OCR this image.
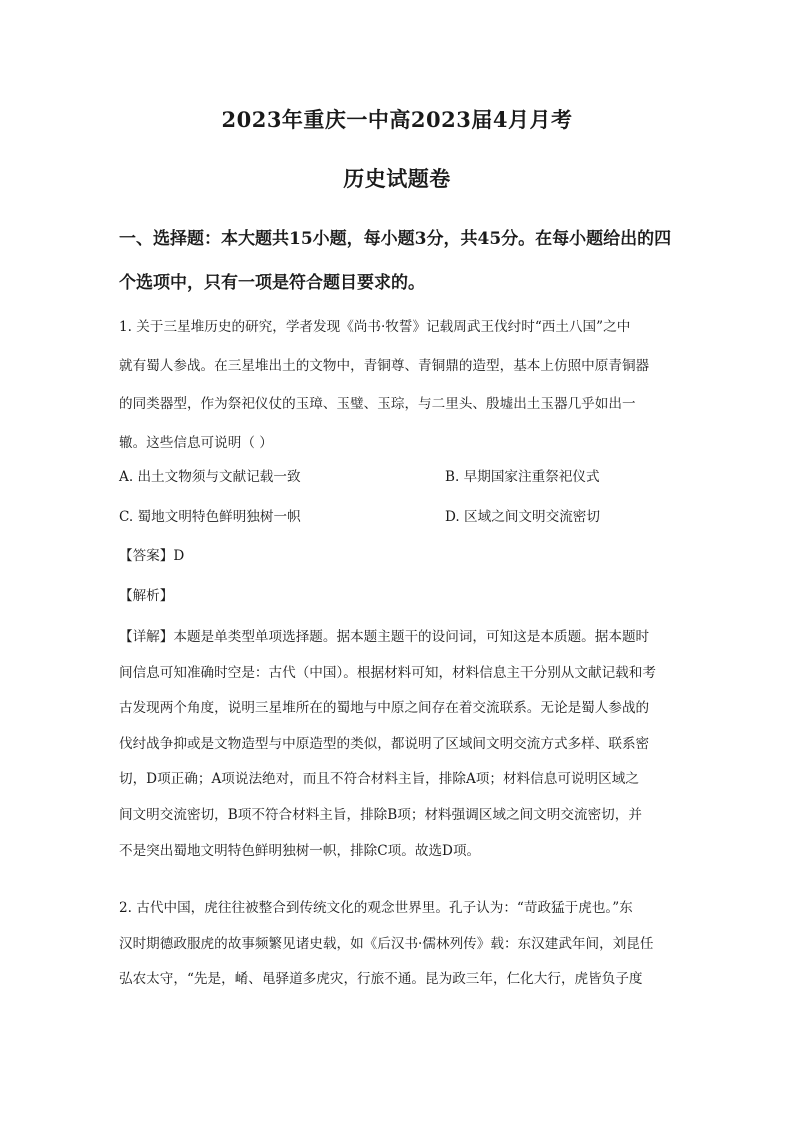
2023年重庆一中高2023届4月月考
历史试题卷
一、选择题：本大题共15小题，每小题3分，共45分。在每小题给出的四
个选项中，只有一项是符合题目要求的。
1. 关于三星堆历史的研究，学者发现《尚书·牧誓》记载周武王伐纣时“西土八国”之中
就有蜀人参战。在三星堆出土的文物中，青铜尊、青铜鼎的造型，基本上仿照中原青铜器
的同类器型，作为祭祀仪仗的玉璋、玉璧、玉琮，与二里头、殷墟出土玉器几乎如出一
辙。这些信息可说明（ ）
A. 出土文物须与文献记载一致	B. 早期国家注重祭祀仪式
C. 蜀地文明特色鲜明独树一帜	D. 区域之间文明交流密切
【答案】D
【解析】
【详解】本题是单类型单项选择题。据本题主题干的设问词，可知这是本质题。据本题时
间信息可知准确时空是：古代（中国）。根据材料可知，材料信息主干分别从文献记载和考
古发现两个角度，说明三星堆所在的蜀地与中原之间存在着交流联系。无论是蜀人参战的
伐纣战争抑或是文物造型与中原造型的类似，都说明了区域间文明交流方式多样、联系密
切，D项正确；A项说法绝对，而且不符合材料主旨，排除A项；材料信息可说明区域之
间文明交流密切，B项不符合材料主旨，排除B项；材料强调区域之间文明交流密切，并
不是突出蜀地文明特色鲜明独树一帜，排除C项。故选D项。
2. 古代中国，虎往往被整合到传统文化的观念世界里。孔子认为：“苛政猛于虎也。”东
汉时期德政服虎的故事频繁见诸史载，如《后汉书·儒林列传》载：东汉建武年间，刘昆任
弘农太守，“先是，崤、黾驿道多虎灾，行旅不通。昆为政三年，仁化大行，虎皆负子度
